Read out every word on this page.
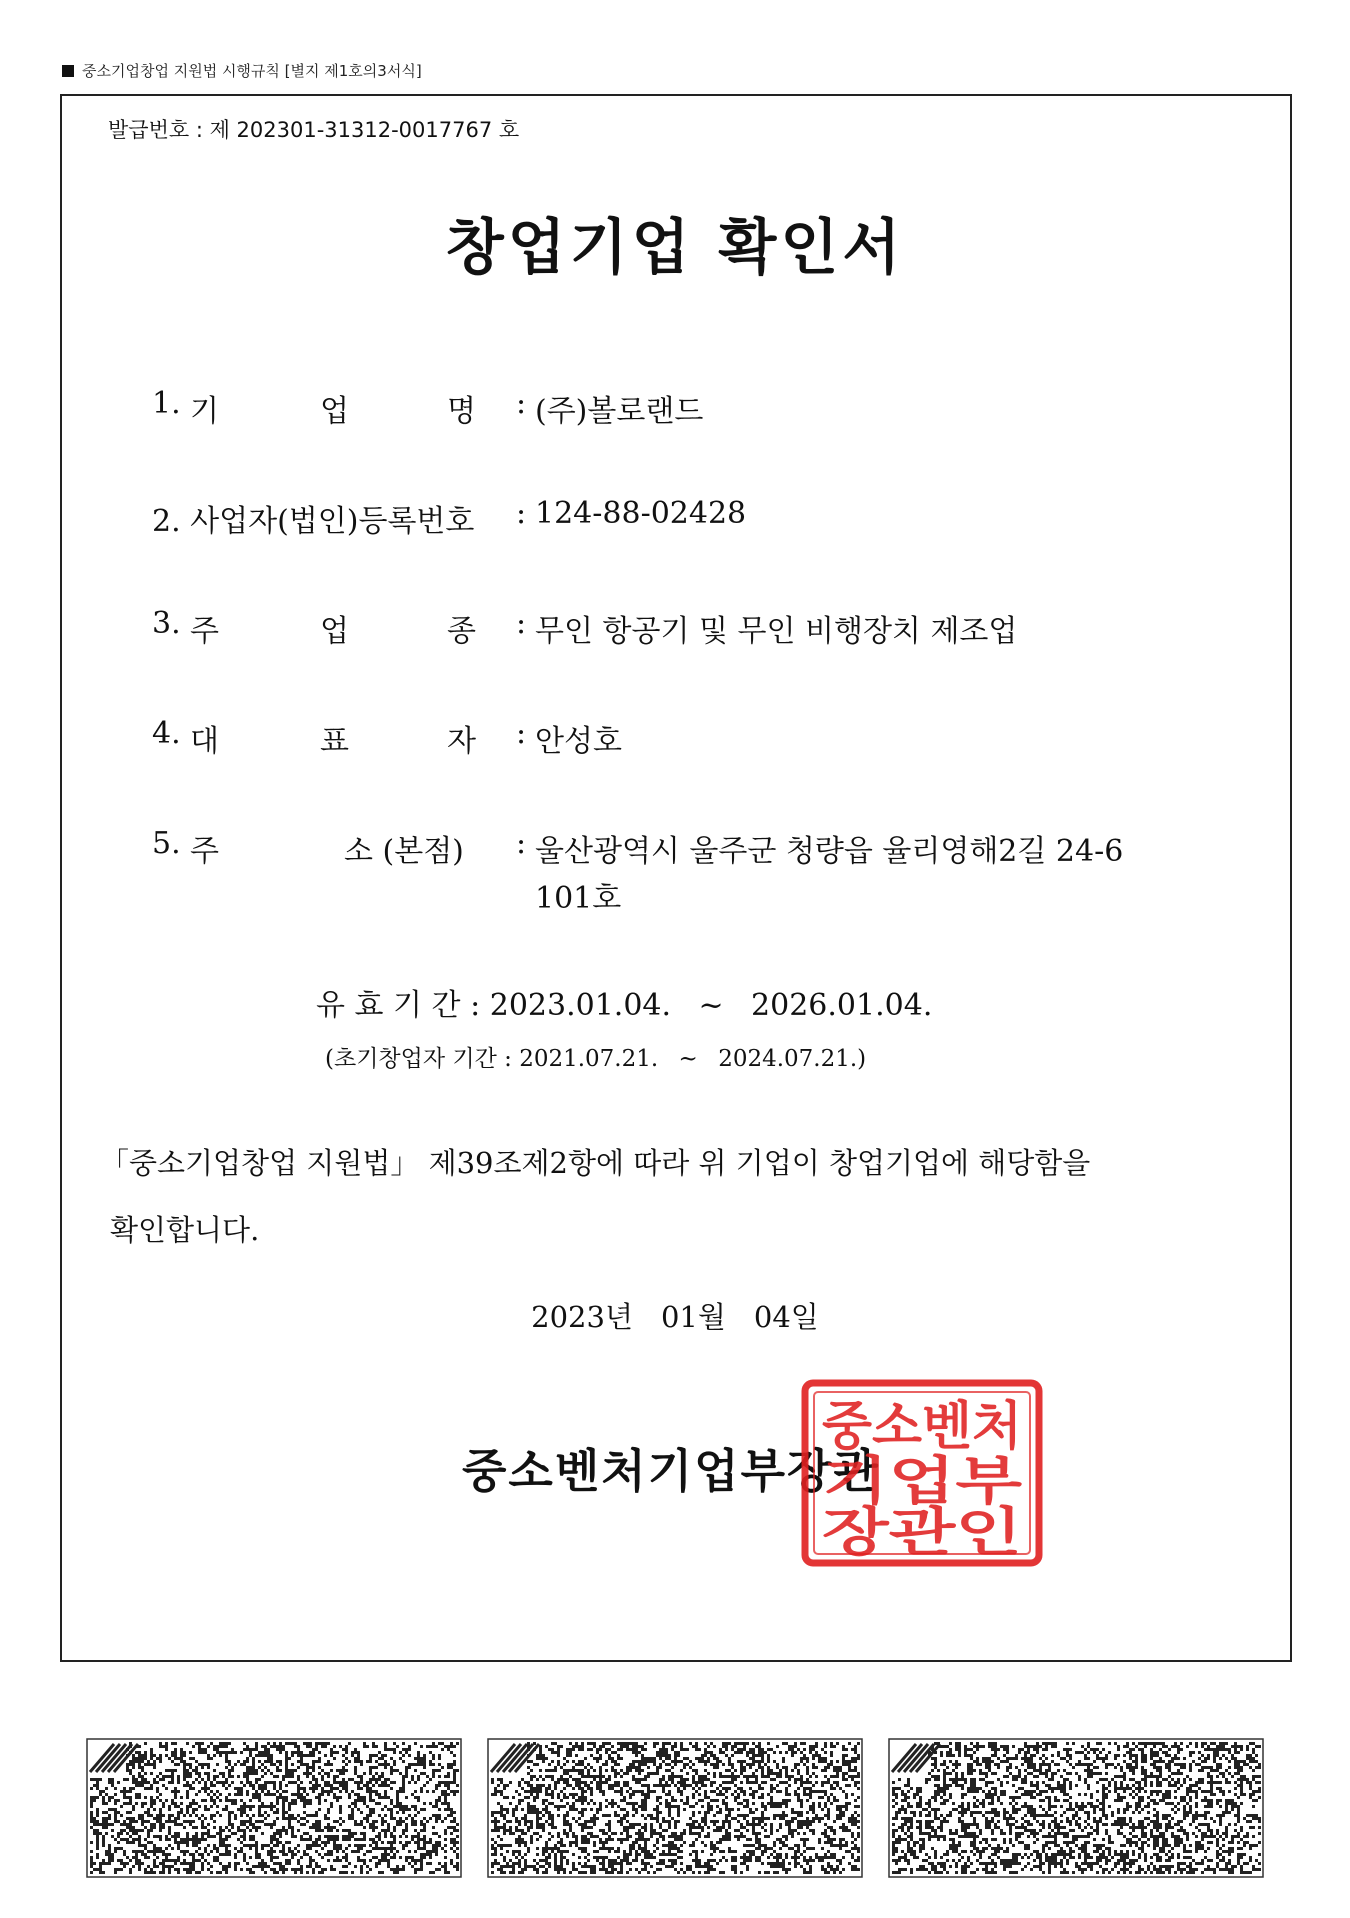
중소기업창업 지원법 시행규칙 [별지 제1호의3서식]
발급번호 : 제 202301-31312-0017767 호
창업기업 확인서
1. 기	업	명 : (주)볼로랜드
2. 사업자(법인)등록번호 : 124-88-02428
3. 주	업	종 : 무인 항공기 및 무인 비행장치 제조업
4. 대	표	자 : 안성호
5. 주	소 (본점) : 울산광역시 울주군 청량읍 율리영해2길 24-6
101호
유 효 기 간 : 2023.01.04. ~ 2026.01.04.
(초기창업자 기간 : 2021.07.21. ~ 2024.07.21.)
「중소기업창업 지원법」 제39조제2항에 따라 위 기업이 창업기업에 해당함을
확인합니다.
2023년 01월 04일
중소벤처기업부장관
중소벤처
기업부
장관인
